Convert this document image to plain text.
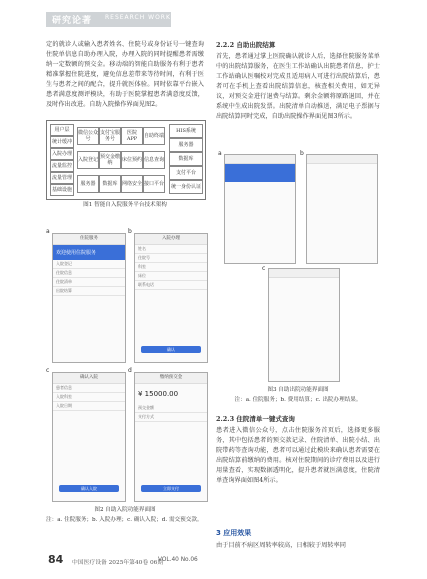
研究论著 RESEARCH WORK
定的就诊人或输入患者姓名、住院号或身份证号一键查询住院单信息自助办理入院，办理入院的同时提醒患者需缴纳一定数额的预交金。移动端的智能自助服务有利于患者精准掌握住院进度，避免信息差带来等待时间，有利于医生与患者之间的配合，提升就医体验。同时依靠平台嵌入患者满意度测评模块，有助于医院掌握患者满意度反馈，及时作出改进。自助入院操作界面见图2。
用户层
统计缓冲
入院办理
流量监控
流量管理
基础设施
微信公众号
支付宝服务号
医院APP	自助终端
入院登记 预交金缴纳	床位预约 信息查询
服务器	数据库 网络安全 接口平台
HIS系统
服务器
数据库
支付平台
统一身份认证
图1 智能自入院服务平台技术架构
a	b
c	d
住院服务
欢迎使用住院服务
入院登记
住院信息
住院清单
出院结算
入院办理
姓名
住院号
科室
床位
联系电话
确认
确认入院
患者信息
入院科室
入院日期
确认入院
缴纳预交金
¥ 15000.00
预交金额
支付方式
立即支付
图2 自助入院功能界面图
注：a. 住院服务；b. 入院办理；c. 确认入院；d. 需交预交款。
2.2.2 自助出院结算
首先，患者通过掌上医院确认就诊人后，选择住院服务菜单中的出院结算服务，在医生工作站确认出院患者信息，护士工作站确认医嘱校对完成且适用病人可进行出院结算后，患者可在手机上查看出院结算信息，核查相关费用，如无异议，对预交金进行退费与结算。剩余金额将原路退回，并在系统中生成出院发票。出院清单自动推送，满足电子票据与出院结算同时完成，自助出院操作界面见图3所示。
a	b
c
图3 自助出院功能界面图
注：a. 住院服务；b. 费用结算；c. 出院办理结果。
2.2.3 住院清单一键式查询
患者进入微信公众号，点击住院服务首页后，选择更多服务，其中包括患者的预交款记录、住院清单、出院小结、出院带药等查询功能，患者可以通过此模块来确认患者需要在出院结算前缴纳的费用。核对住院期间的诊疗费用以及进行用量查看，实现数据透明化，提升患者就医满意度，住院清单查询界面如图4所示。
3 应用效果
由于目前不病区周转率较高，日相较于周转率同
84 中国医疗设备 2025年第40卷 06期
VOL.40 No.06
